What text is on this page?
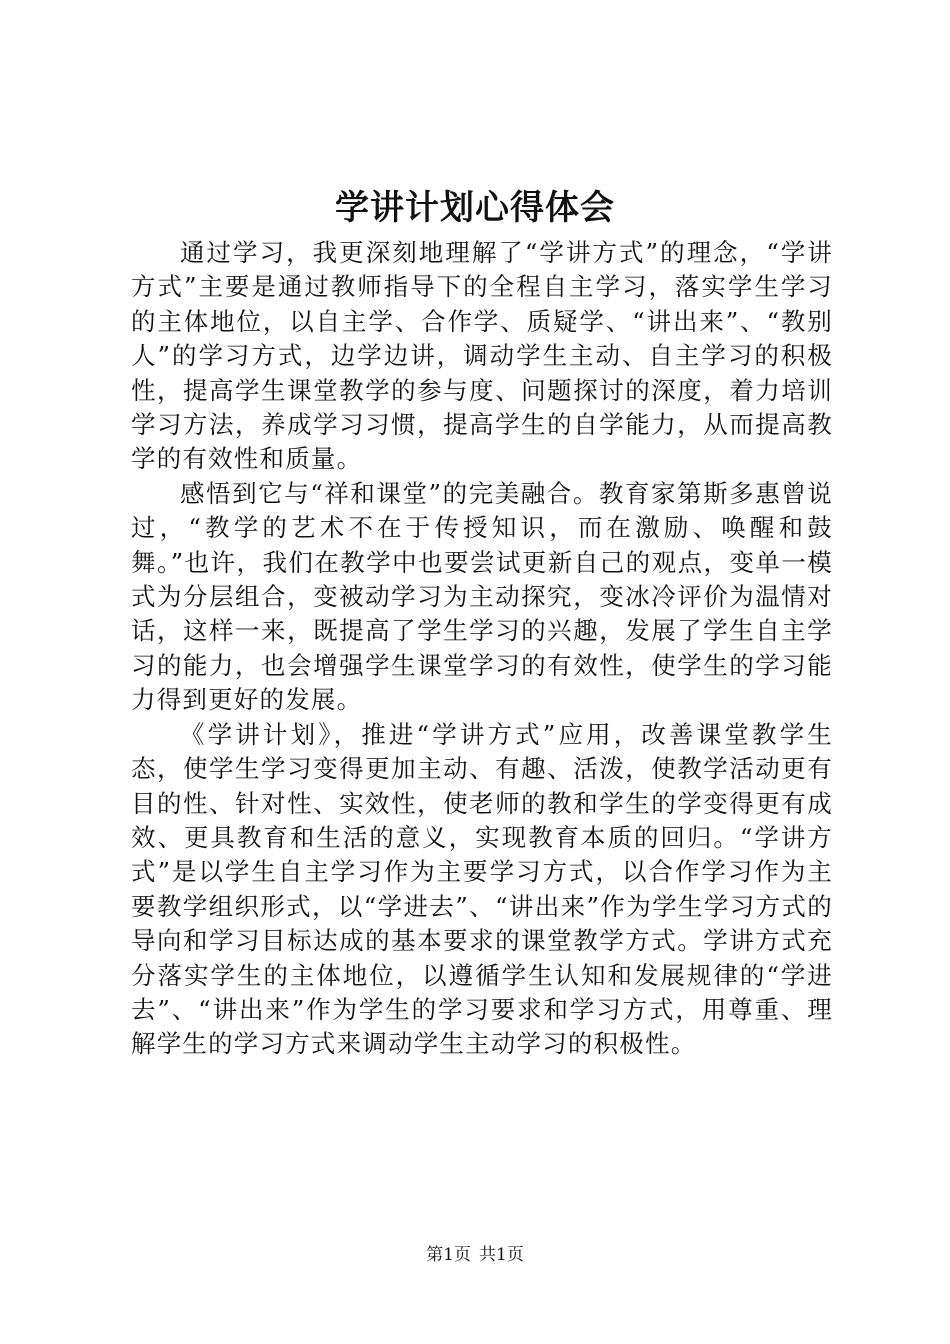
学讲计划心得体会

通过学习，我更深刻地理解了“学讲方式”的理念，“学讲方式”主要是通过教师指导下的全程自主学习，落实学生学习的主体地位，以自主学、合作学、质疑学、“讲出来”、“教别人”的学习方式，边学边讲，调动学生主动、自主学习的积极性，提高学生课堂教学的参与度、问题探讨的深度，着力培训学习方法，养成学习习惯，提高学生的自学能力，从而提高教学的有效性和质量。

感悟到它与“祥和课堂”的完美融合。教育家第斯多惠曾说过，“教学的艺术不在于传授知识，而在激励、唤醒和鼓舞。”也许，我们在教学中也要尝试更新自己的观点，变单一模式为分层组合，变被动学习为主动探究，变冰冷评价为温情对话，这样一来，既提高了学生学习的兴趣，发展了学生自主学习的能力，也会增强学生课堂学习的有效性，使学生的学习能力得到更好的发展。

《学讲计划》，推进“学讲方式”应用，改善课堂教学生态，使学生学习变得更加主动、有趣、活泼，使教学活动更有目的性、针对性、实效性，使老师的教和学生的学变得更有成效、更具教育和生活的意义，实现教育本质的回归。“学讲方式”是以学生自主学习作为主要学习方式，以合作学习作为主要教学组织形式，以“学进去”、“讲出来”作为学生学习方式的导向和学习目标达成的基本要求的课堂教学方式。学讲方式充分落实学生的主体地位，以遵循学生认知和发展规律的“学进去”、“讲出来”作为学生的学习要求和学习方式，用尊重、理解学生的学习方式来调动学生主动学习的积极性。

第1页 共1页
